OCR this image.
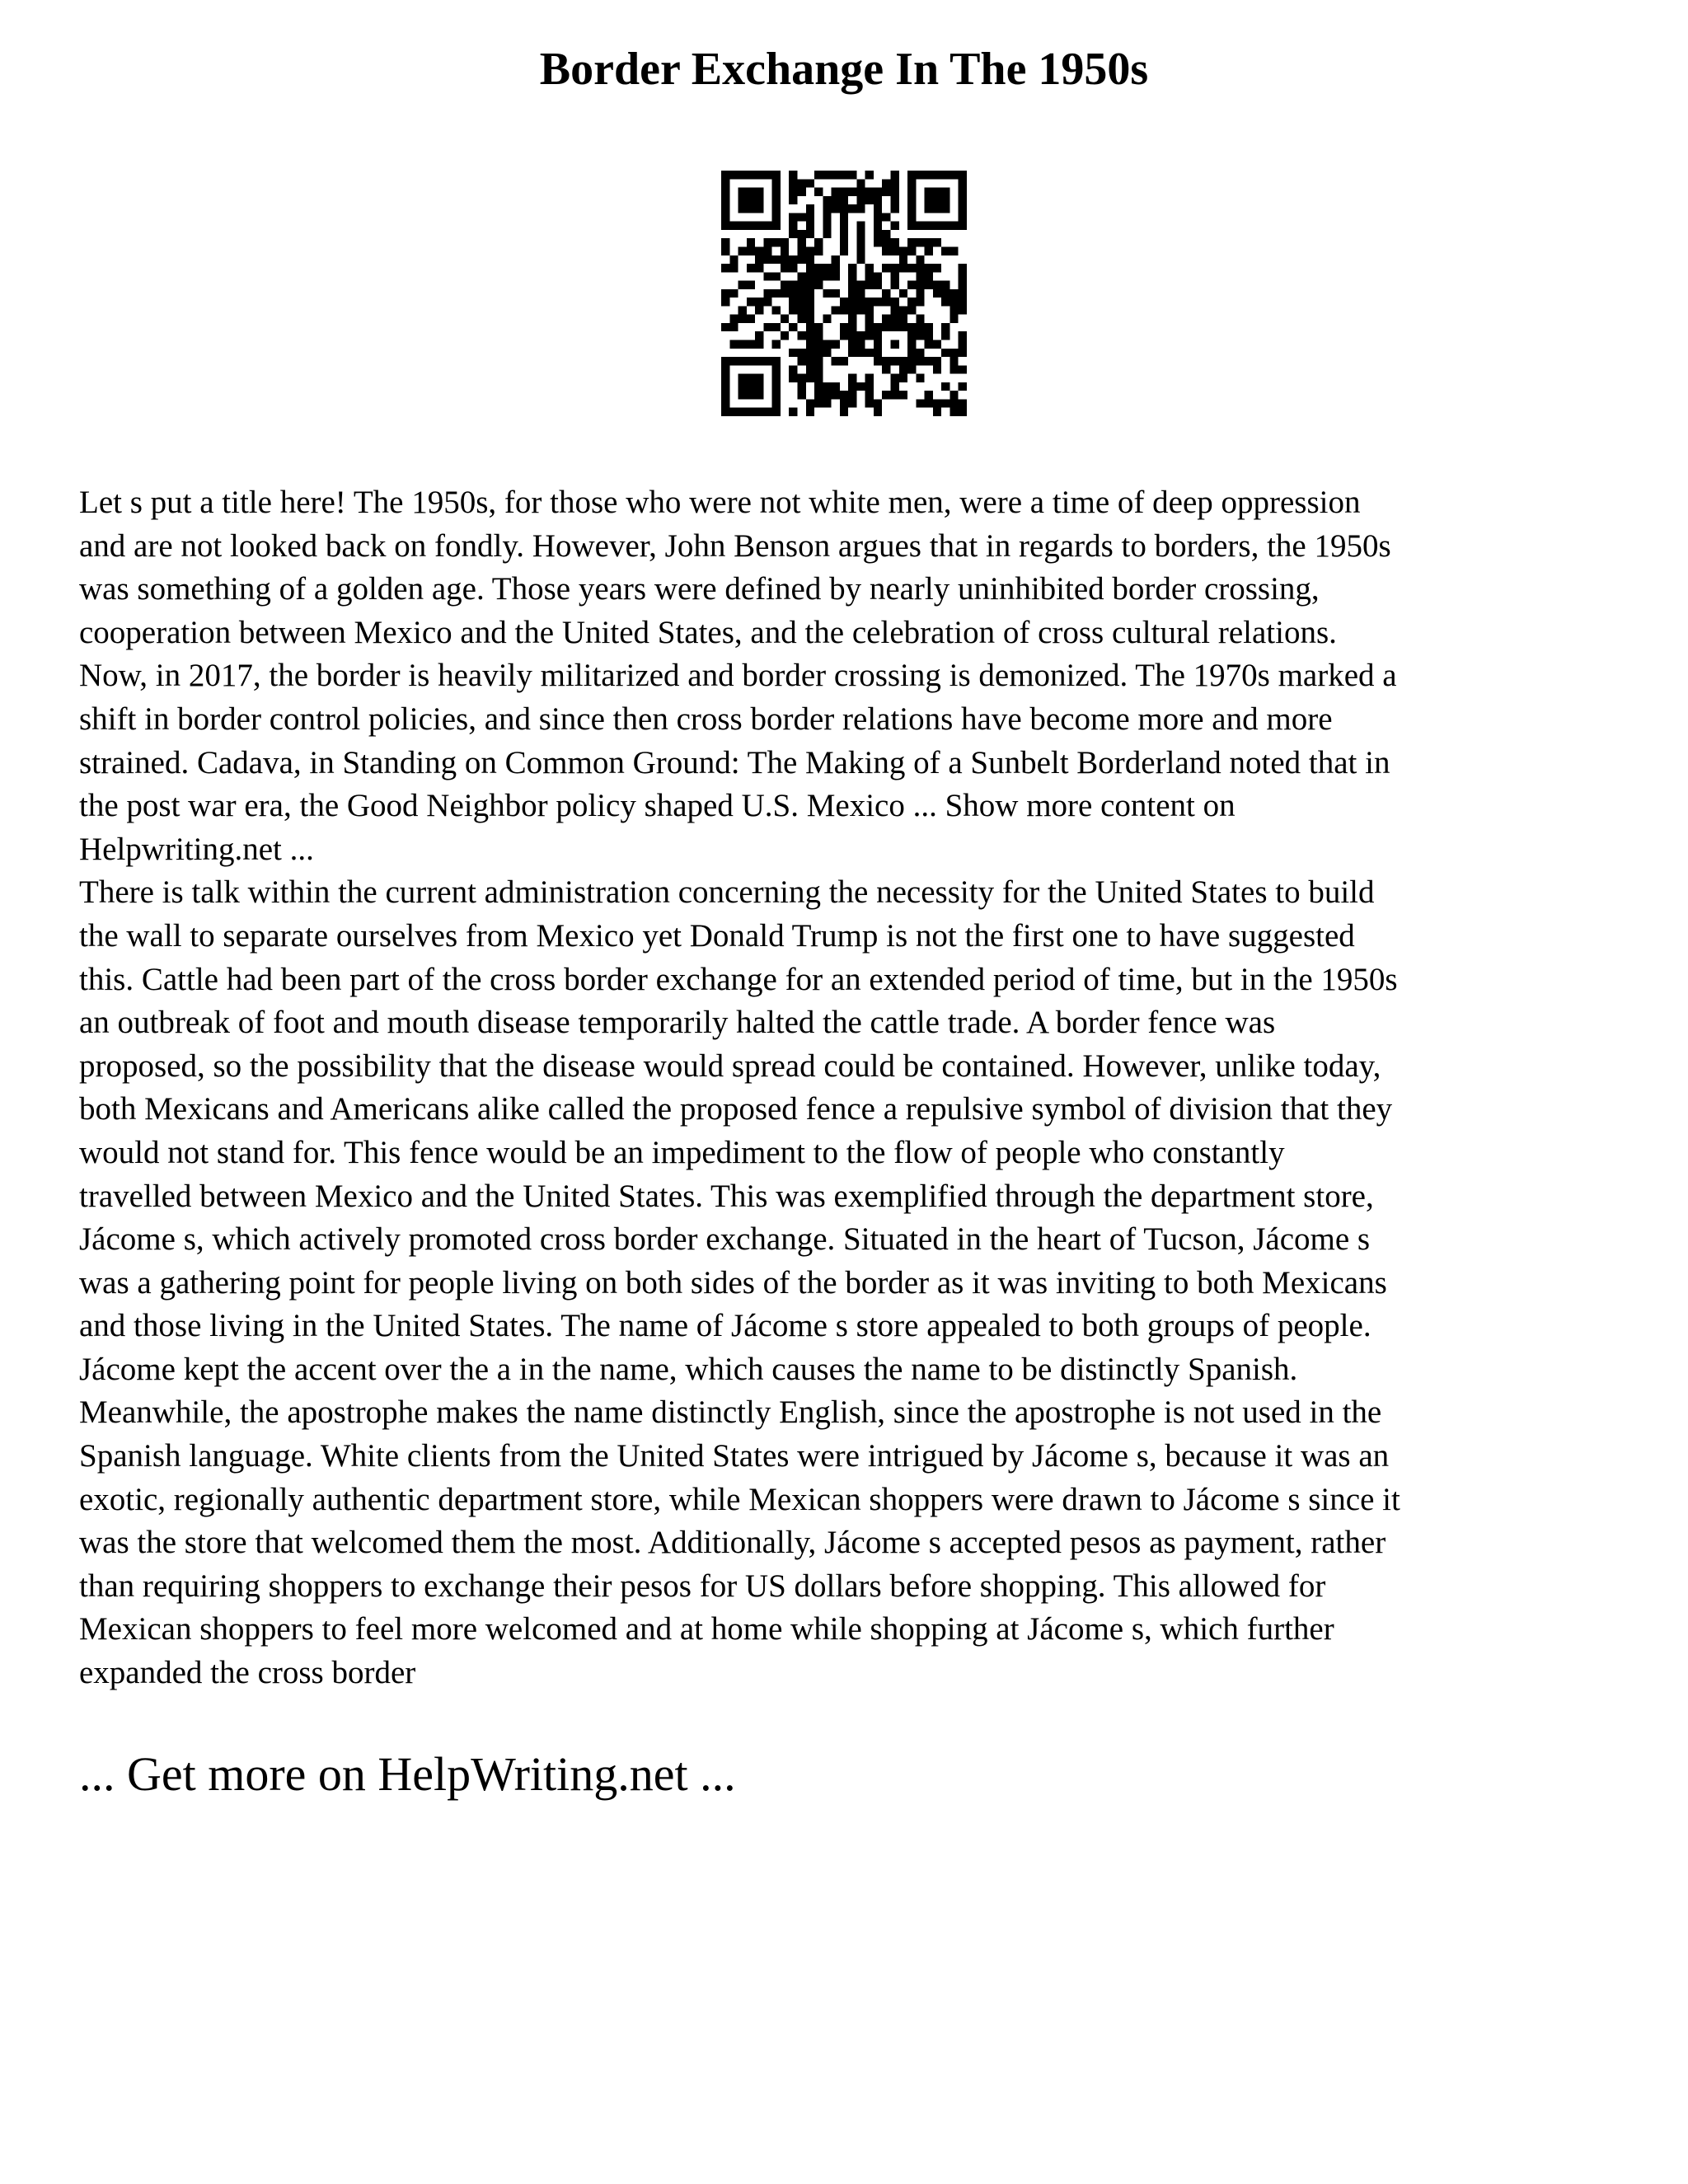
Border Exchange In The 1950s

Let s put a title here! The 1950s, for those who were not white men, were a time of deep oppression
and are not looked back on fondly. However, John Benson argues that in regards to borders, the 1950s
was something of a golden age. Those years were defined by nearly uninhibited border crossing,
cooperation between Mexico and the United States, and the celebration of cross cultural relations.
Now, in 2017, the border is heavily militarized and border crossing is demonized. The 1970s marked a
shift in border control policies, and since then cross border relations have become more and more
strained. Cadava, in Standing on Common Ground: The Making of a Sunbelt Borderland noted that in
the post war era, the Good Neighbor policy shaped U.S. Mexico ... Show more content on
Helpwriting.net ...

There is talk within the current administration concerning the necessity for the United States to build
the wall to separate ourselves from Mexico yet Donald Trump is not the first one to have suggested
this. Cattle had been part of the cross border exchange for an extended period of time, but in the 1950s
an outbreak of foot and mouth disease temporarily halted the cattle trade. A border fence was
proposed, so the possibility that the disease would spread could be contained. However, unlike today,
both Mexicans and Americans alike called the proposed fence a repulsive symbol of division that they
would not stand for. This fence would be an impediment to the flow of people who constantly
travelled between Mexico and the United States. This was exemplified through the department store,
Jácome s, which actively promoted cross border exchange. Situated in the heart of Tucson, Jácome s
was a gathering point for people living on both sides of the border as it was inviting to both Mexicans
and those living in the United States. The name of Jácome s store appealed to both groups of people.
Jácome kept the accent over the a in the name, which causes the name to be distinctly Spanish.
Meanwhile, the apostrophe makes the name distinctly English, since the apostrophe is not used in the
Spanish language. White clients from the United States were intrigued by Jácome s, because it was an
exotic, regionally authentic department store, while Mexican shoppers were drawn to Jácome s since it
was the store that welcomed them the most. Additionally, Jácome s accepted pesos as payment, rather
than requiring shoppers to exchange their pesos for US dollars before shopping. This allowed for
Mexican shoppers to feel more welcomed and at home while shopping at Jácome s, which further
expanded the cross border

... Get more on HelpWriting.net ...
